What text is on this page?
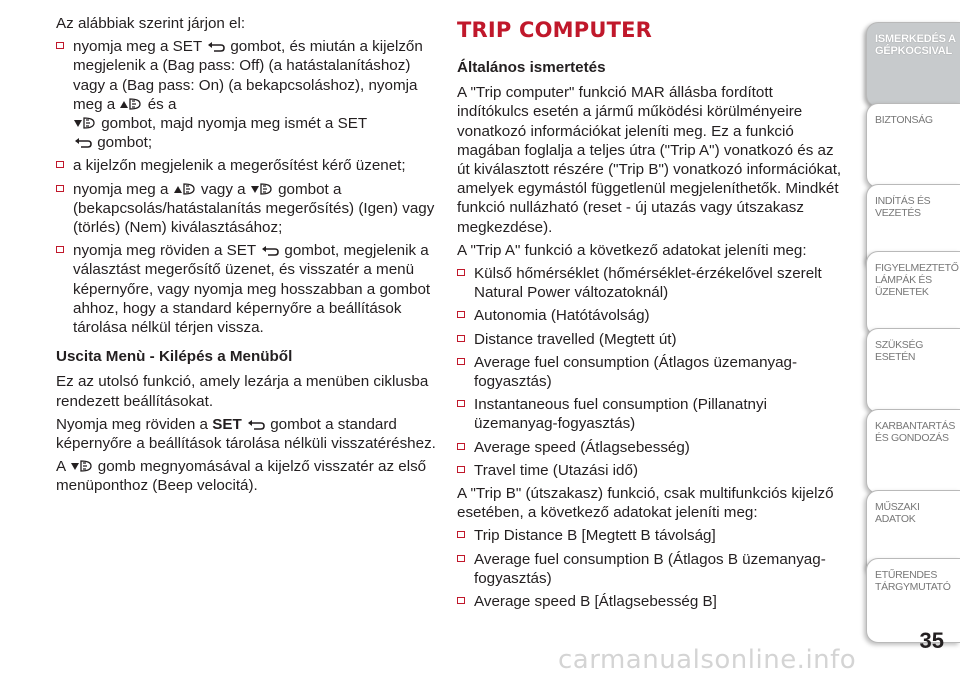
Az alábbiak szerint járjon el:

nyomja meg a SET gombot, és miután a kijelzőn megjelenik a (Bag pass: Off) (a hatástalanításhoz) vagy a (Bag pass: On) (a bekapcsoláshoz), nyomja meg a és a
gombot, majd nyomja meg ismét a SET
gombot;
a kijelzőn megjelenik a megerősítést kérő üzenet;
nyomja meg a vagy a gombot a (bekapcsolás/hatástalanítás megerősítés) (Igen) vagy (törlés) (Nem) kiválasztásához;
nyomja meg röviden a SET gombot, megjelenik a választást megerősítő üzenet, és visszatér a menü képernyőre, vagy nyomja meg hosszabban a gombot ahhoz, hogy a standard képernyőre a beállítások tárolása nélkül térjen vissza.

Uscita Menù - Kilépés a Menüből

Ez az utolsó funkció, amely lezárja a menüben ciklusba rendezett beállításokat.

Nyomja meg röviden a SET gombot a standard képernyőre a beállítások tárolása nélküli visszatéréshez.

A gomb megnyomásával a kijelző visszatér az első menüponthoz (Beep velocitá).

TRIP COMPUTER

Általános ismertetés

A "Trip computer" funkció MAR állásba fordított indítókulcs esetén a jármű működési körülményeire vonatkozó információkat jeleníti meg. Ez a funkció magában foglalja a teljes útra ("Trip A") vonatkozó és az út kiválasztott részére ("Trip B") vonatkozó információkat, amelyek egymástól függetlenül megjeleníthetők. Mindkét funkció nullázható (reset - új utazás vagy útszakasz megkezdése).

A "Trip A" funkció a következő adatokat jeleníti meg:

Külső hőmérséklet (hőmérséklet-érzékelővel szerelt Natural Power változatoknál)
Autonomia (Hatótávolság)
Distance travelled (Megtett út)
Average fuel consumption (Átlagos üzemanyag-fogyasztás)
Instantaneous fuel consumption (Pillanatnyi üzemanyag-fogyasztás)
Average speed (Átlagsebesség)
Travel time (Utazási idő)

A "Trip B" (útszakasz) funkció, csak multifunkciós kijelző esetében, a következő adatokat jeleníti meg:

Trip Distance B [Megtett B távolság]
Average fuel consumption B (Átlagos B üzemanyag-fogyasztás)
Average speed B [Átlagsebesség B]
ISMERKEDÉS A GÉPKOCSIVAL
BIZTONSÁG
INDÍTÁS ÉS VEZETÉS
FIGYELMEZTETŐ LÁMPÁK ÉS ÜZENETEK
SZÜKSÉG ESETÉN
KARBANTARTÁS ÉS GONDOZÁS
MŰSZAKI ADATOK
ETŰRENDES TÁRGYMUTATÓ
35
carmanualsonline.info
